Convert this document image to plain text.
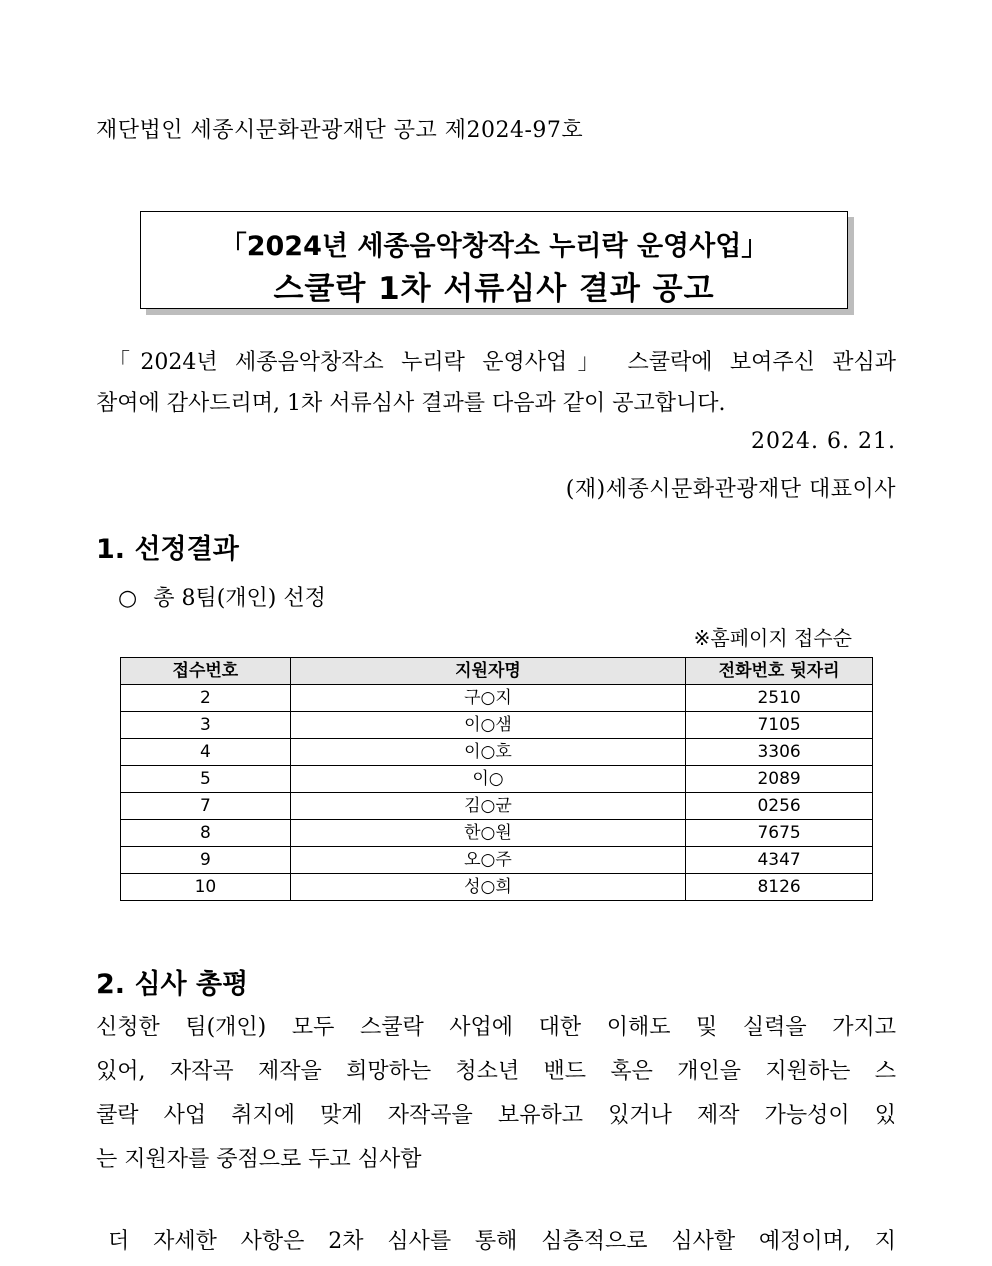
재단법인 세종시문화관광재단 공고 제2024-97호
「2024년 세종음악창작소 누리락 운영사업」
스쿨락 1차 서류심사 결과 공고
「2024년 세종음악창작소 누리락 운영사업」 스쿨락에 보여주신 관심과
참여에 감사드리며, 1차 서류심사 결과를 다음과 같이 공고합니다.
2024. 6. 21.
(재)세종시문화관광재단 대표이사
1. 선정결과
○ 총 8팀(개인) 선정
※홈페이지 접수순
접수번호	지원자명	전화번호 뒷자리
2	구○지	2510
3	이○샘	7105
4	이○호	3306
5	이○	2089
7	김○균	0256
8	한○원	7675
9	오○주	4347
10	성○희	8126
2. 심사 총평
신청한 팀(개인) 모두 스쿨락 사업에 대한 이해도 및 실력을 가지고
있어, 자작곡 제작을 희망하는 청소년 밴드 혹은 개인을 지원하는 스
쿨락 사업 취지에 맞게 자작곡을 보유하고 있거나 제작 가능성이 있
는 지원자를 중점으로 두고 심사함
더 자세한 사항은 2차 심사를 통해 심층적으로 심사할 예정이며, 지
